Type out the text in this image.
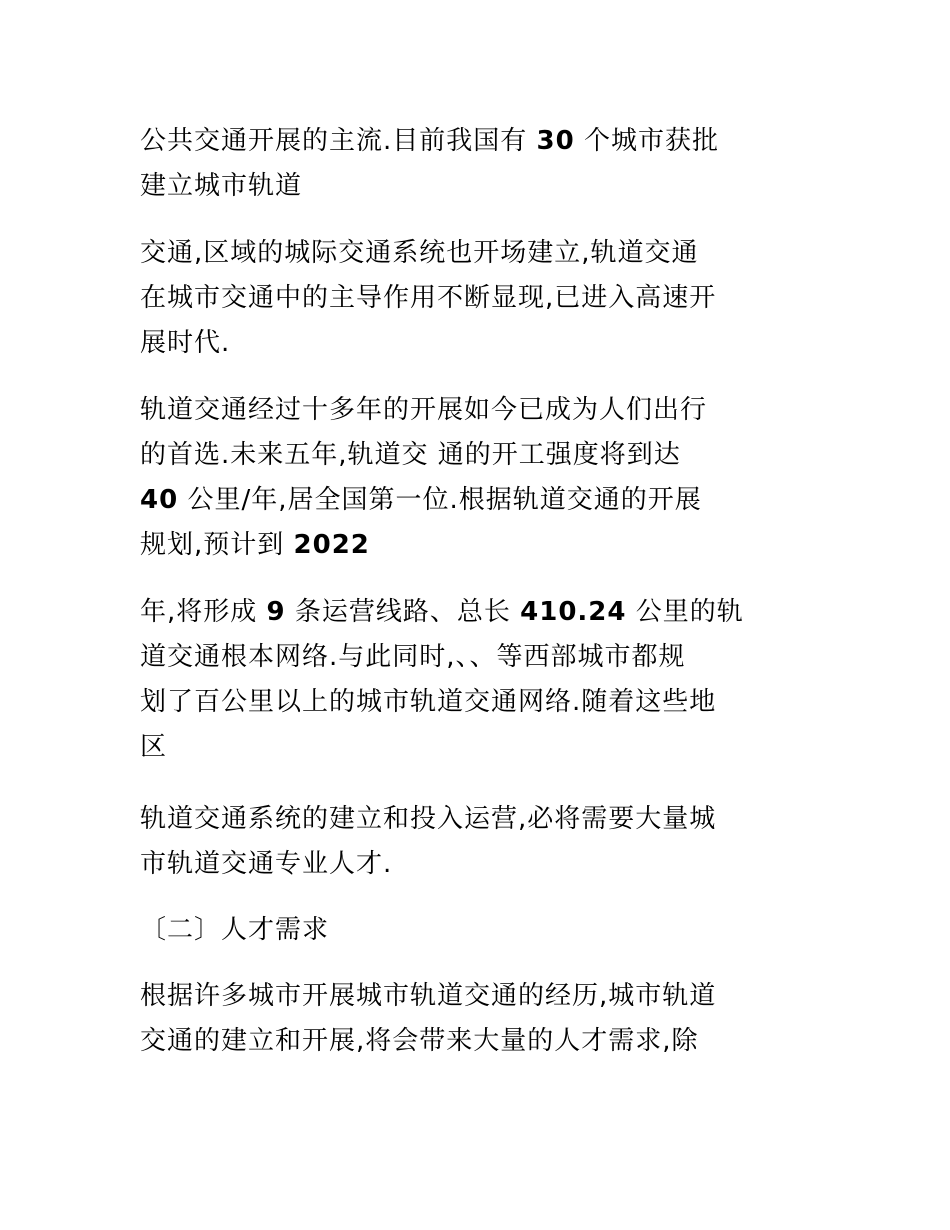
公共交通开展的主流.目前我国有 30 个城市获批
建立城市轨道

交通,区域的城际交通系统也开场建立,轨道交通
在城市交通中的主导作用不断显现,已进入高速开
展时代.

轨道交通经过十多年的开展如今已成为人们出行
的首选.未来五年,轨道交 通的开工强度将到达
40 公里/年,居全国第一位.根据轨道交通的开展
规划,预计到 2022

年,将形成 9 条运营线路、总长 410.24 公里的轨
道交通根本网络.与此同时,、、等西部城市都规
划了百公里以上的城市轨道交通网络.随着这些地
区

轨道交通系统的建立和投入运营,必将需要大量城
市轨道交通专业人才.

〔二〕人才需求

根据许多城市开展城市轨道交通的经历,城市轨道
交通的建立和开展,将会带来大量的人才需求,除
